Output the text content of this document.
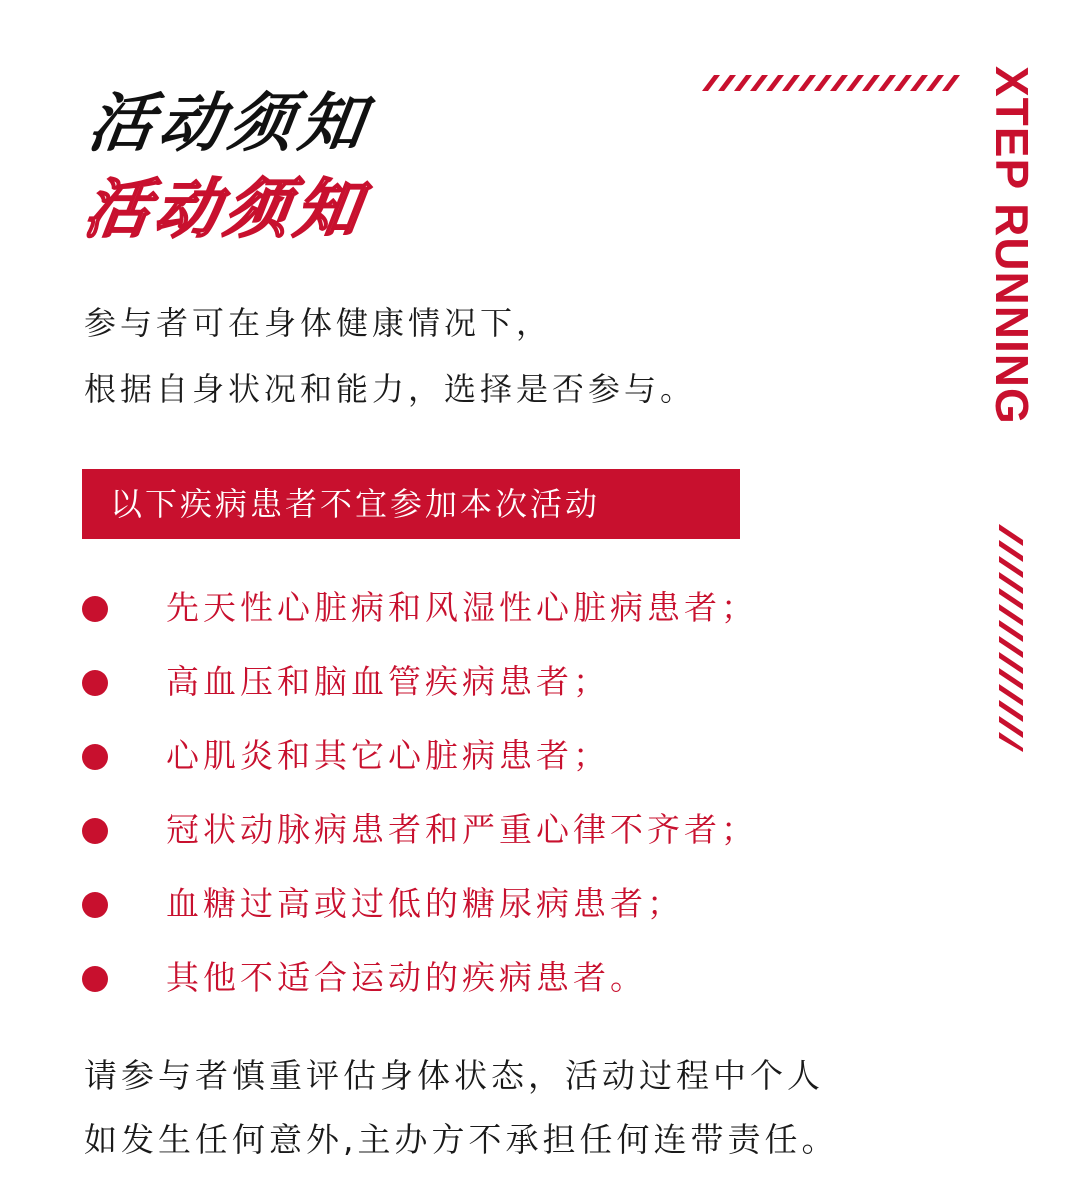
活动须知
活动须知	XTEP RUNNING
参与者可在身体健康情况下，
根据自身状况和能力，选择是否参与。
以下疾病患者不宜参加本次活动
先天性心脏病和风湿性心脏病患者；
高血压和脑血管疾病患者；
心肌炎和其它心脏病患者；
冠状动脉病患者和严重心律不齐者；
血糖过高或过低的糖尿病患者；
其他不适合运动的疾病患者。
请参与者慎重评估身体状态，活动过程中个人
如发生任何意外,主办方不承担任何连带责任。
